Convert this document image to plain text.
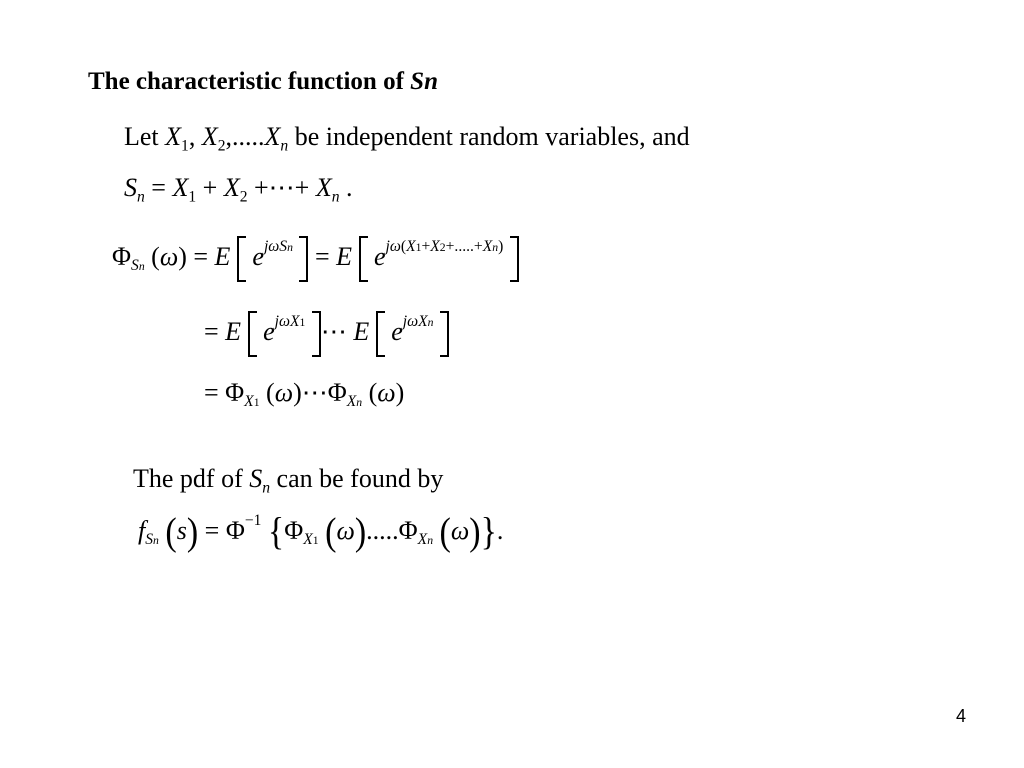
The characteristic function of Sn
Let $X_1$, $X_2,.....X_n$ be independent random variables, and
$S_n = X_1 + X_2$ +⋯+ $X_n$ .
$\Phi_{Sn}$ (ω) = E $e^{j\omega Sn} = E$ $e^{j\omega(X1+X2+.....+Xn)}$
= E $e^{j\omega X1}$ ⋯ E $e^{j\omega Xn}$
= $\Phi_{X1}$ $(\omega)\cdots\Phi_{Xn}$ (ω)
The pdf of $S_n$ can be found by
$f_{Sn}$ $(s) = \Phi^{-1}$ {$\Phi_{X1}$ $(\omega).....\Phi_{Xn}$ (ω)}.
4
